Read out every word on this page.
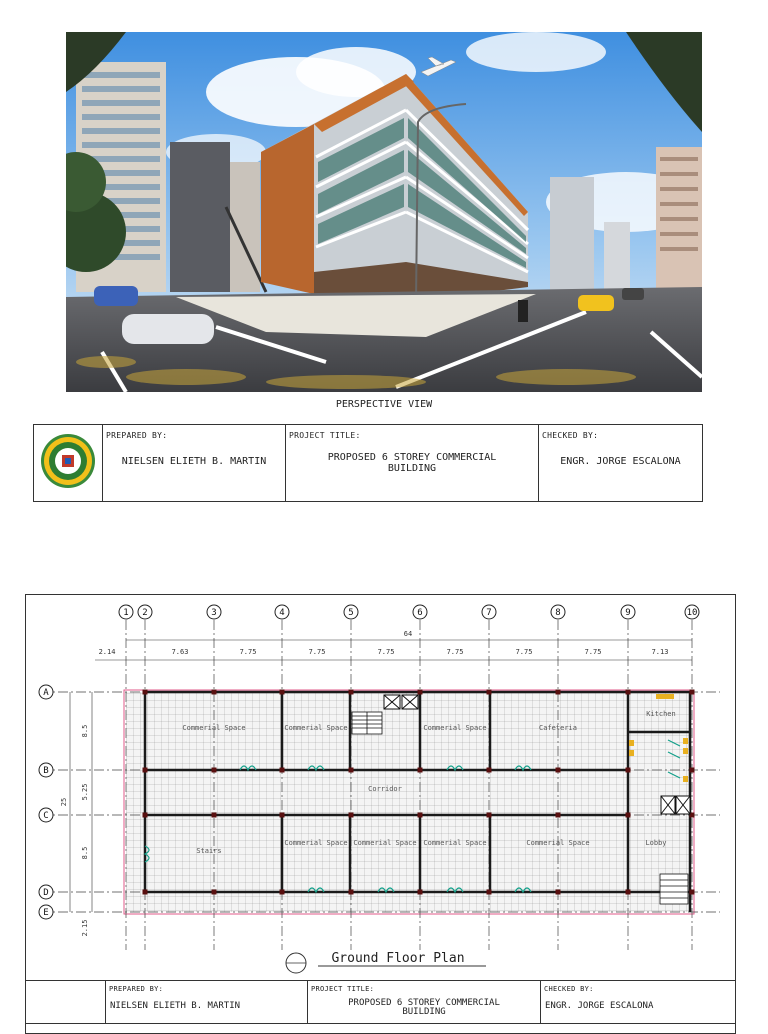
PERSPECTIVE VIEW

PREPARED BY:
NIELSEN ELIETH B. MARTIN

PROJECT TITLE:
PROPOSED 6 STOREY COMMERCIAL BUILDING

CHECKED BY:
ENGR. JORGE ESCALONA
1 2	3	4	5	6	7	8	9	10
A
B
C
D
E
2.14	7.63	7.75	7.75	7.75	7.75	7.75	7.75	7.13
8.5
5.25
8.5
2.15
64
25
Commerial Space	Commerial Space	Commerial Space	Cafeteria
Kitchen
Corridor
Stairs
Commerial Space Commerial Space Commerial Space	Commerial Space	Lobby
Ground Floor Plan

PREPARED BY:
NIELSEN ELIETH B. MARTIN

PROJECT TITLE:
PROPOSED 6 STOREY COMMERCIAL BUILDING

CHECKED BY:
ENGR. JORGE ESCALONA
